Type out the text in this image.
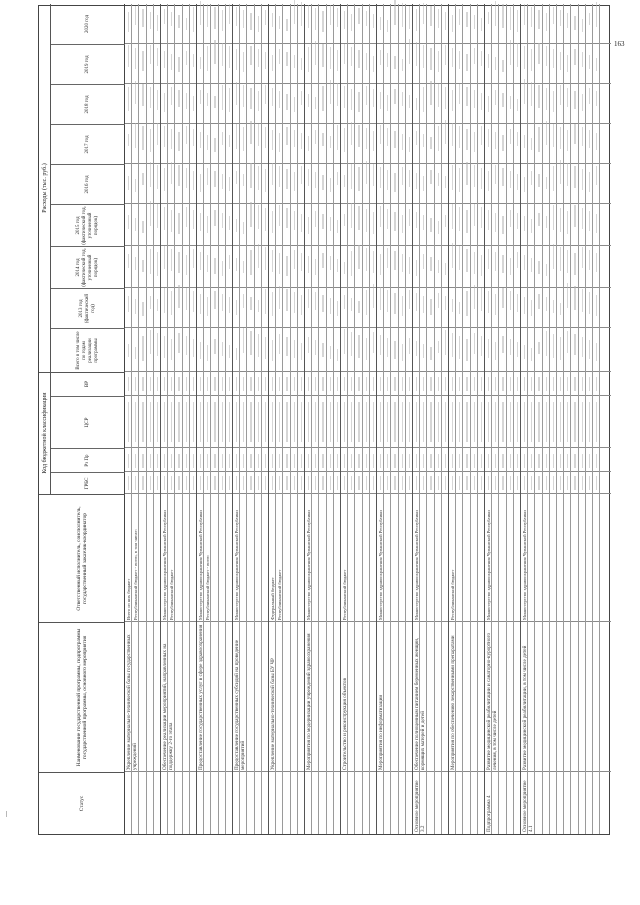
—
Статус
Наименование государственной программы, подпрограммы государственной программы, основного мероприятия
Ответственный исполнитель, соисполнитель, государственный заказчик-координатор
Код бюджетной классификации
ГРБС
Рз Пр
ЦСР
ВР
Расходы (тыс. руб.)
Всего в том числе по годам реализации программы
2013 год (фактический год)
2014 год (фактический год, уточненный порядок)
2015 год (фактический год, уточненный порядок)
2016 год
2017 год
2018 год
2019 год
2020 год
Укрепление материально-технической базы государственных учреждений
Всего из них бюджет Республиканский бюджет - всего, в том числе:
Обеспечение реализации мероприятий, направленных на поддержку 2-го этапа
Министерство здравоохранения Чувашской Республики Республиканский бюджет
Предоставление государственных услуг в сфере здравоохранения
Министерство здравоохранения Чувашской Республики Республиканский бюджет - всего
Предоставление государственных субсидий на проведение мероприятий
Министерство здравоохранения Чувашской Республики
Укрепление материально-технической базы БУ ЧР
Федеральный бюджет Республиканский бюджет
Мероприятия по модернизации учреждений здравоохранения
Министерство здравоохранения Чувашской Республики
Строительство и реконструкция объектов
Республиканский бюджет
Мероприятия по информатизации
Министерство здравоохранения Чувашской Республики
Основное мероприятие 3.2
Обеспечение полноценным питанием беременных женщин, кормящих матерей и детей
Министерство здравоохранения Чувашской Республики
Мероприятия по обеспечению лекарственными препаратами
Республиканский бюджет
Подпрограмма 4
Развитие медицинской реабилитации и санаторно-курортного лечения, в том числе детей
Министерство здравоохранения Чувашской Республики
Основное мероприятие 4.1
Развитие медицинской реабилитации, в том числе детей
Министерство здравоохранения Чувашской Республики
163
